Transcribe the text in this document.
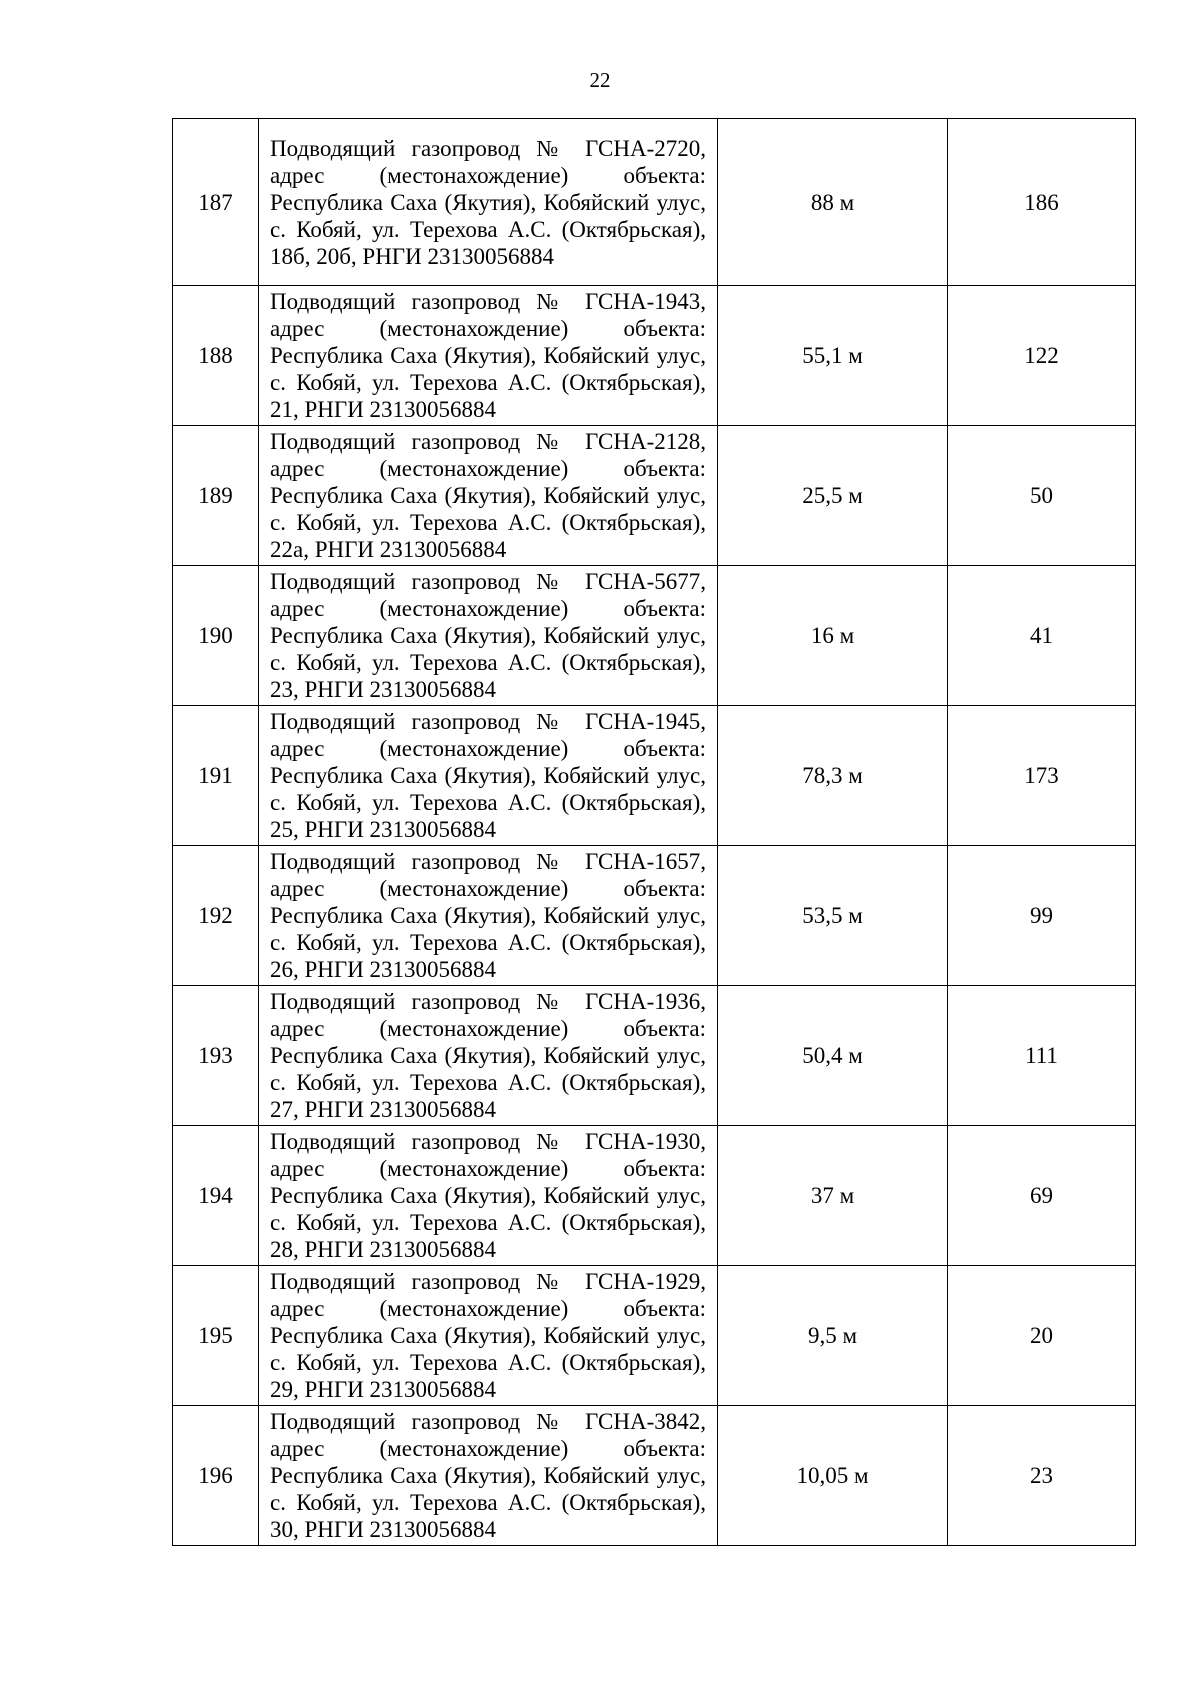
22
187	Подводящий газопровод № ГСНА-2720, адрес (местонахождение) объекта: Республика Саха (Якутия), Кобяйский улус, с. Кобяй, ул. Терехова А.С. (Октябрьская), 18б, 20б, РНГИ 23130056884	88 м	186
188	Подводящий газопровод № ГСНА-1943, адрес (местонахождение) объекта: Республика Саха (Якутия), Кобяйский улус, с. Кобяй, ул. Терехова А.С. (Октябрьская), 21, РНГИ 23130056884	55,1 м	122
189	Подводящий газопровод № ГСНА-2128, адрес (местонахождение) объекта: Республика Саха (Якутия), Кобяйский улус, с. Кобяй, ул. Терехова А.С. (Октябрьская), 22а, РНГИ 23130056884	25,5 м	50
190	Подводящий газопровод № ГСНА-5677, адрес (местонахождение) объекта: Республика Саха (Якутия), Кобяйский улус, с. Кобяй, ул. Терехова А.С. (Октябрьская), 23, РНГИ 23130056884	16 м	41
191	Подводящий газопровод № ГСНА-1945, адрес (местонахождение) объекта: Республика Саха (Якутия), Кобяйский улус, с. Кобяй, ул. Терехова А.С. (Октябрьская), 25, РНГИ 23130056884	78,3 м	173
192	Подводящий газопровод № ГСНА-1657, адрес (местонахождение) объекта: Республика Саха (Якутия), Кобяйский улус, с. Кобяй, ул. Терехова А.С. (Октябрьская), 26, РНГИ 23130056884	53,5 м	99
193	Подводящий газопровод № ГСНА-1936, адрес (местонахождение) объекта: Республика Саха (Якутия), Кобяйский улус, с. Кобяй, ул. Терехова А.С. (Октябрьская), 27, РНГИ 23130056884	50,4 м	111
194	Подводящий газопровод № ГСНА-1930, адрес (местонахождение) объекта: Республика Саха (Якутия), Кобяйский улус, с. Кобяй, ул. Терехова А.С. (Октябрьская), 28, РНГИ 23130056884	37 м	69
195	Подводящий газопровод № ГСНА-1929, адрес (местонахождение) объекта: Республика Саха (Якутия), Кобяйский улус, с. Кобяй, ул. Терехова А.С. (Октябрьская), 29, РНГИ 23130056884	9,5 м	20
196	Подводящий газопровод № ГСНА-3842, адрес (местонахождение) объекта: Республика Саха (Якутия), Кобяйский улус, с. Кобяй, ул. Терехова А.С. (Октябрьская), 30, РНГИ 23130056884	10,05 м	23
